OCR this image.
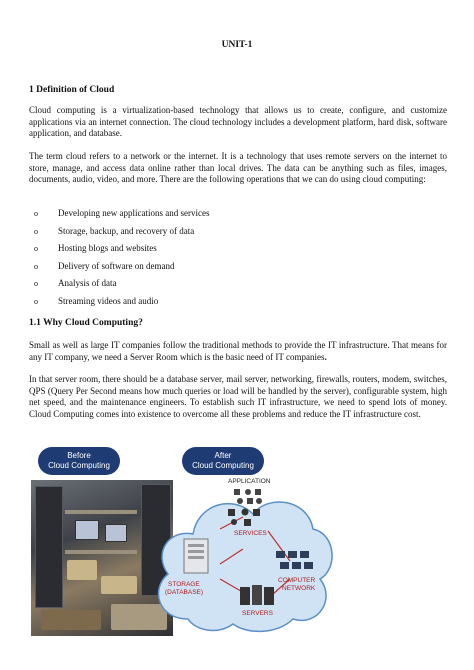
UNIT-1
1 Definition of Cloud
Cloud computing is a virtualization-based technology that allows us to create, configure, and customize applications via an internet connection. The cloud technology includes a development platform, hard disk, software application, and database.
The term cloud refers to a network or the internet. It is a technology that uses remote servers on the internet to store, manage, and access data online rather than local drives. The data can be anything such as files, images, documents, audio, video, and more. There are the following operations that we can do using cloud computing:
o Developing new applications and services
o Storage, backup, and recovery of data
o Hosting blogs and websites
o Delivery of software on demand
o Analysis of data
o Streaming videos and audio
1.1 Why Cloud Computing?
Small as well as large IT companies follow the traditional methods to provide the IT infrastructure. That means for any IT company, we need a Server Room which is the basic need of IT companies.
In that server room, there should be a database server, mail server, networking, firewalls, routers, modem, switches, QPS (Query Per Second means how much queries or load will be handled by the server), configurable system, high net speed, and the maintenance engineers. To establish such IT infrastructure, we need to spend lots of money. Cloud Computing comes into existence to overcome all these problems and reduce the IT infrastructure cost.
Before
Cloud Computing
After
Cloud Computing
APPLICATION
SERVICES
STORAGE
(DATABASE)
COMPUTER
NETWORK
SERVERS
